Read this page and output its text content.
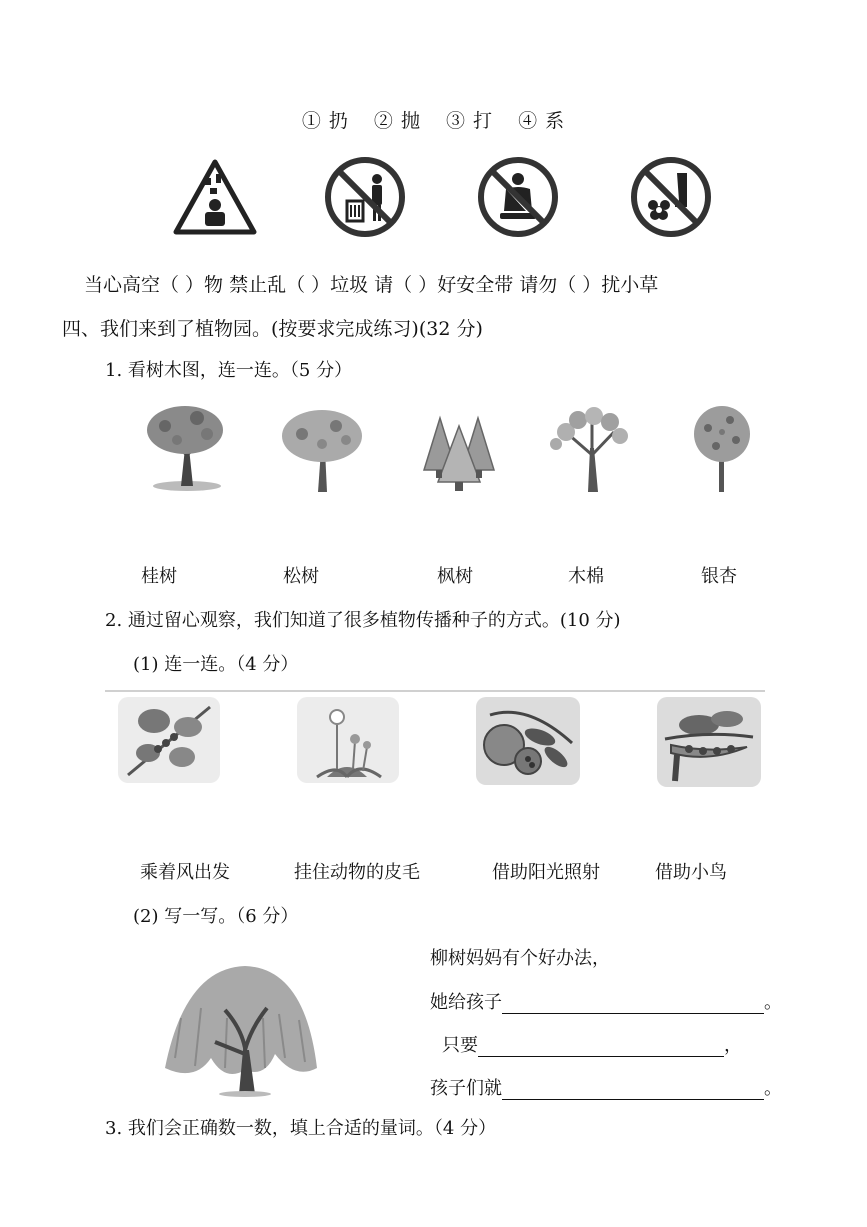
① 扔 ② 抛 ③ 打 ④ 系
当心高空（ ）物 禁止乱（ ）垃圾 请（ ）好安全带 请勿（ ）扰小草
四、我们来到了植物园。(按要求完成练习)(32 分)
1. 看树木图，连一连。（5 分）
桂树	松树	枫树	木棉	银杏
2. 通过留心观察，我们知道了很多植物传播种子的方式。(10 分)
(1) 连一连。（4 分）
乘着风出发	挂住动物的皮毛	借助阳光照射	借助小鸟
(2) 写一写。（6 分）
柳树妈妈有个好办法，
她给孩子	。
只要	，
孩子们就	。
3. 我们会正确数一数，填上合适的量词。（4 分）
